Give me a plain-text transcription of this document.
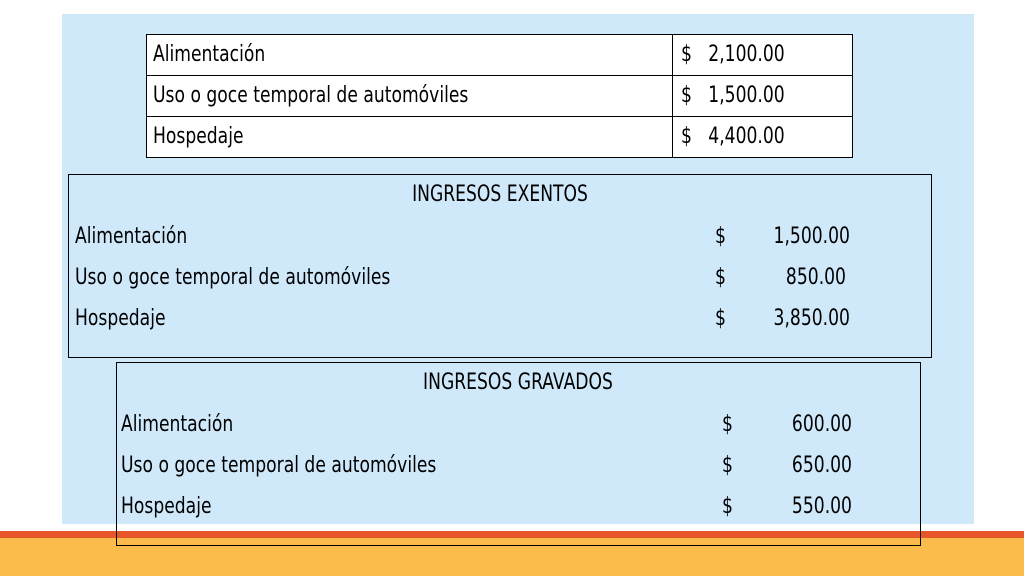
Alimentación	$ 2,100.00

Uso o goce temporal de automóviles	$ 1,500.00

Hospedaje	$ 4,400.00
INGRESOS EXENTOS
Alimentación	$ 1,500.00
Uso o goce temporal de automóviles	$	850.00
Hospedaje	$ 3,850.00
INGRESOS GRAVADOS
Alimentación	$	600.00
Uso o goce temporal de automóviles	$	650.00
Hospedaje	$	550.00
